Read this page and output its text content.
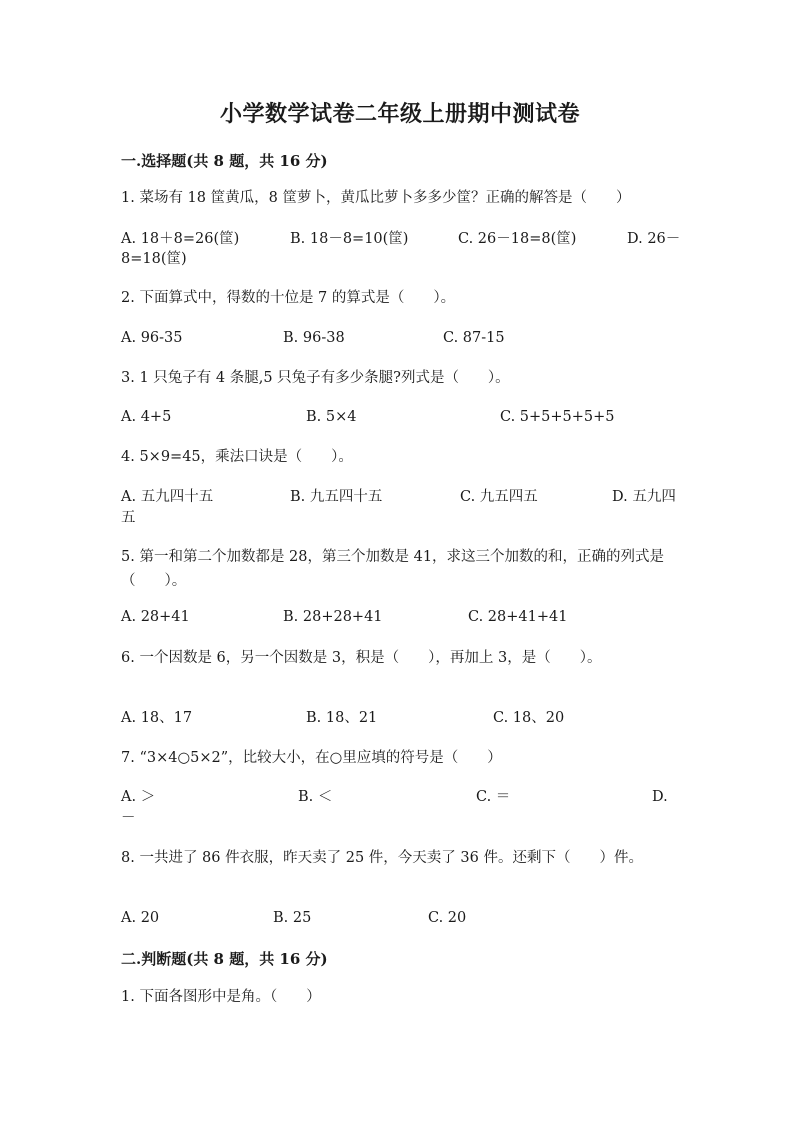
小学数学试卷二年级上册期中测试卷
一.选择题(共 8 题，共 16 分)
1. 菜场有 18 筐黄瓜，8 筐萝卜，黄瓜比萝卜多多少筐？正确的解答是（　　）
A. 18＋8=26(筐)	B. 18－8=10(筐)	C. 26－18=8(筐)	D. 26－
8=18(筐)
2. 下面算式中，得数的十位是 7 的算式是（　　）。
A. 96-35	B. 96-38	C. 87-15
3. 1 只兔子有 4 条腿,5 只兔子有多少条腿?列式是（　　）。
A. 4+5	B. 5×4	C. 5+5+5+5+5
4. 5×9=45，乘法口诀是（　　）。
A. 五九四十五	B. 九五四十五	C. 九五四五	D. 五九四
五
5. 第一和第二个加数都是 28，第三个加数是 41，求这三个加数的和，正确的列式是（　　）。
A. 28+41	B. 28+28+41	C. 28+41+41
6. 一个因数是 6，另一个因数是 3，积是（　　），再加上 3，是（　　）。
A. 18、17	B. 18、21	C. 18、20
7. “3×4○5×2”，比较大小，在○里应填的符号是（　　）
A. ＞	B. ＜	C. ＝	D.
－
8. 一共进了 86 件衣服，昨天卖了 25 件，今天卖了 36 件。还剩下（　　）件。
A. 20	B. 25	C. 20
二.判断题(共 8 题，共 16 分)
1. 下面各图形中是角。（　　）
